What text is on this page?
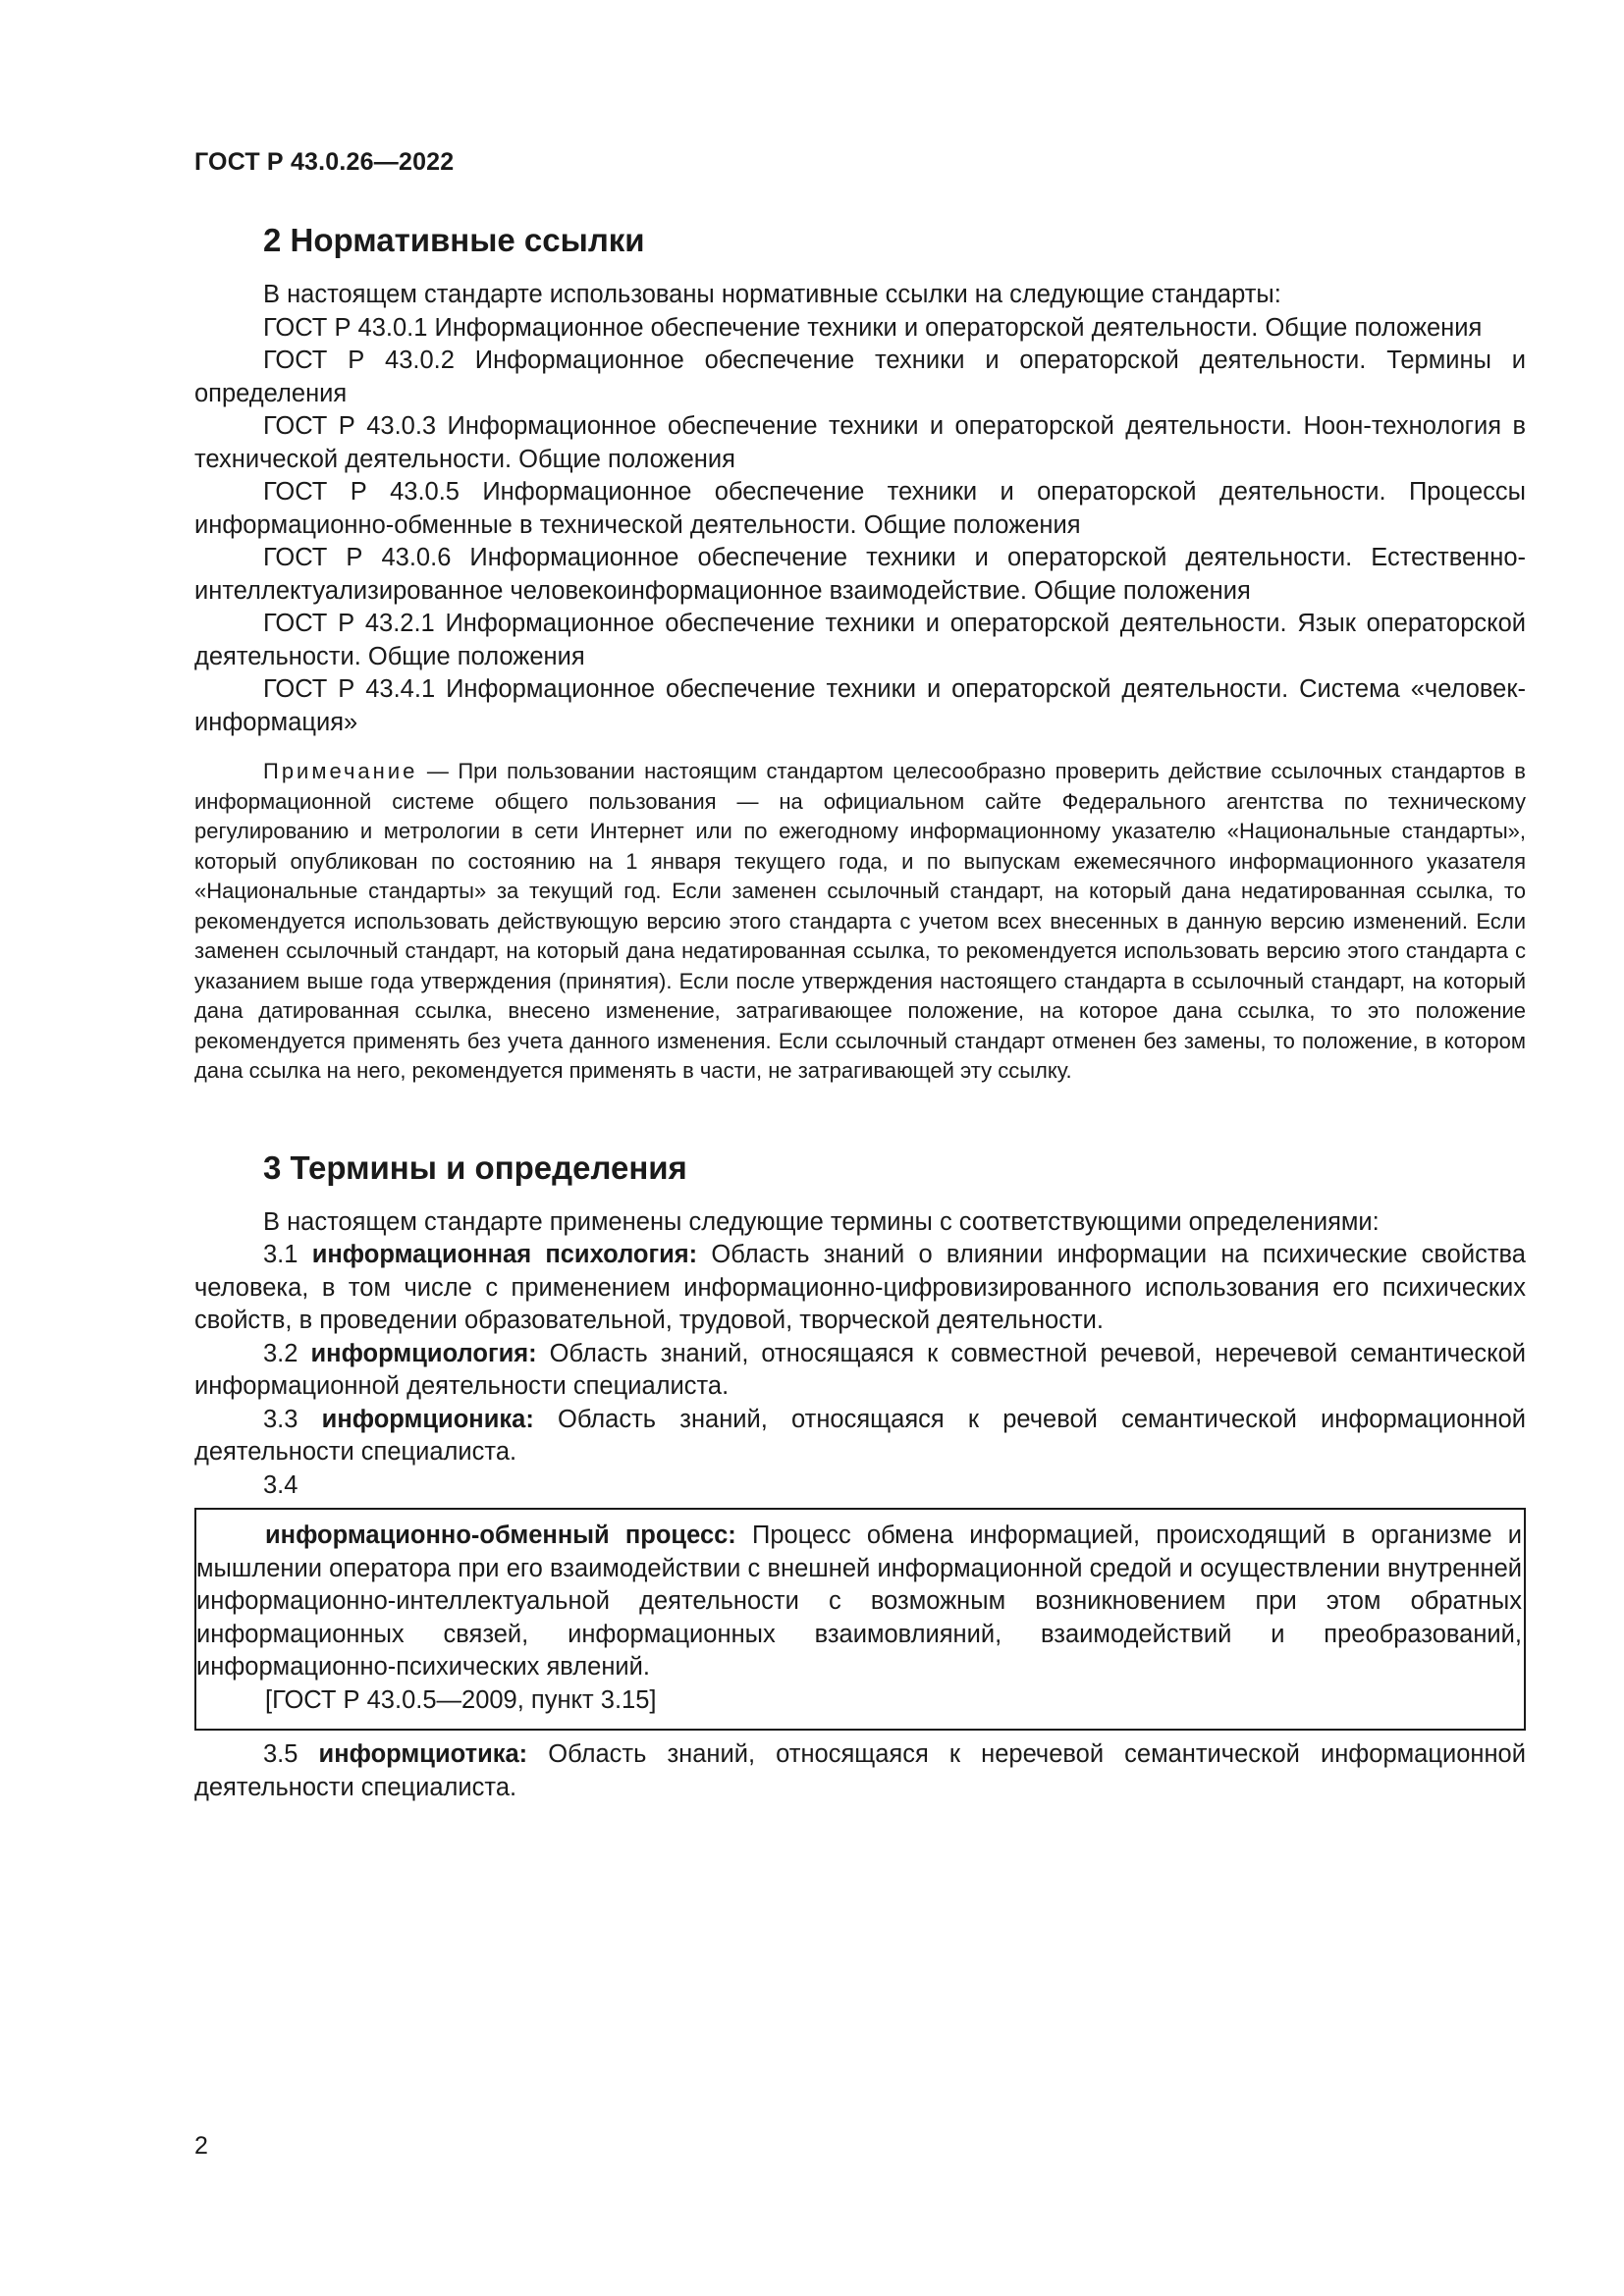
ГОСТ Р 43.0.26—2022
2 Нормативные ссылки

В настоящем стандарте использованы нормативные ссылки на следующие стандарты:

ГОСТ Р 43.0.1 Информационное обеспечение техники и операторской деятельности. Общие положения

ГОСТ Р 43.0.2 Информационное обеспечение техники и операторской деятельности. Термины и определения

ГОСТ Р 43.0.3 Информационное обеспечение техники и операторской деятельности. Ноон-технология в технической деятельности. Общие положения

ГОСТ Р 43.0.5 Информационное обеспечение техники и операторской деятельности. Процессы информационно-обменные в технической деятельности. Общие положения

ГОСТ Р 43.0.6 Информационное обеспечение техники и операторской деятельности. Естественно-интеллектуализированное человекоинформационное взаимодействие. Общие положения

ГОСТ Р 43.2.1 Информационное обеспечение техники и операторской деятельности. Язык операторской деятельности. Общие положения

ГОСТ Р 43.4.1 Информационное обеспечение техники и операторской деятельности. Система «человек-информация»

Примечание — При пользовании настоящим стандартом целесообразно проверить действие ссылочных стандартов в информационной системе общего пользования — на официальном сайте Федерального агентства по техническому регулированию и метрологии в сети Интернет или по ежегодному информационному указателю «Национальные стандарты», который опубликован по состоянию на 1 января текущего года, и по выпускам ежемесячного информационного указателя «Национальные стандарты» за текущий год. Если заменен ссылочный стандарт, на который дана недатированная ссылка, то рекомендуется использовать действующую версию этого стандарта с учетом всех внесенных в данную версию изменений. Если заменен ссылочный стандарт, на который дана недатированная ссылка, то рекомендуется использовать версию этого стандарта с указанием выше года утверждения (принятия). Если после утверждения настоящего стандарта в ссылочный стандарт, на который дана датированная ссылка, внесено изменение, затрагивающее положение, на которое дана ссылка, то это положение рекомендуется применять без учета данного изменения. Если ссылочный стандарт отменен без замены, то положение, в котором дана ссылка на него, рекомендуется применять в части, не затрагивающей эту ссылку.

3 Термины и определения

В настоящем стандарте применены следующие термины с соответствующими определениями:

3.1 информационная психология: Область знаний о влиянии информации на психические свойства человека, в том числе с применением информационно-цифровизированного использования его психических свойств, в проведении образовательной, трудовой, творческой деятельности.

3.2 информциология: Область знаний, относящаяся к совместной речевой, неречевой семантической информационной деятельности специалиста.

3.3 информционика: Область знаний, относящаяся к речевой семантической информационной деятельности специалиста.

3.4

информационно-обменный процесс: Процесс обмена информацией, происходящий в организме и мышлении оператора при его взаимодействии с внешней информационной средой и осуществлении внутренней информационно-интеллектуальной деятельности с возможным возникновением при этом обратных информационных связей, информационных взаимовлияний, взаимодействий и преобразований, информационно-психических явлений.

[ГОСТ Р 43.0.5—2009, пункт 3.15]

3.5 информциотика: Область знаний, относящаяся к неречевой семантической информационной деятельности специалиста.

2
